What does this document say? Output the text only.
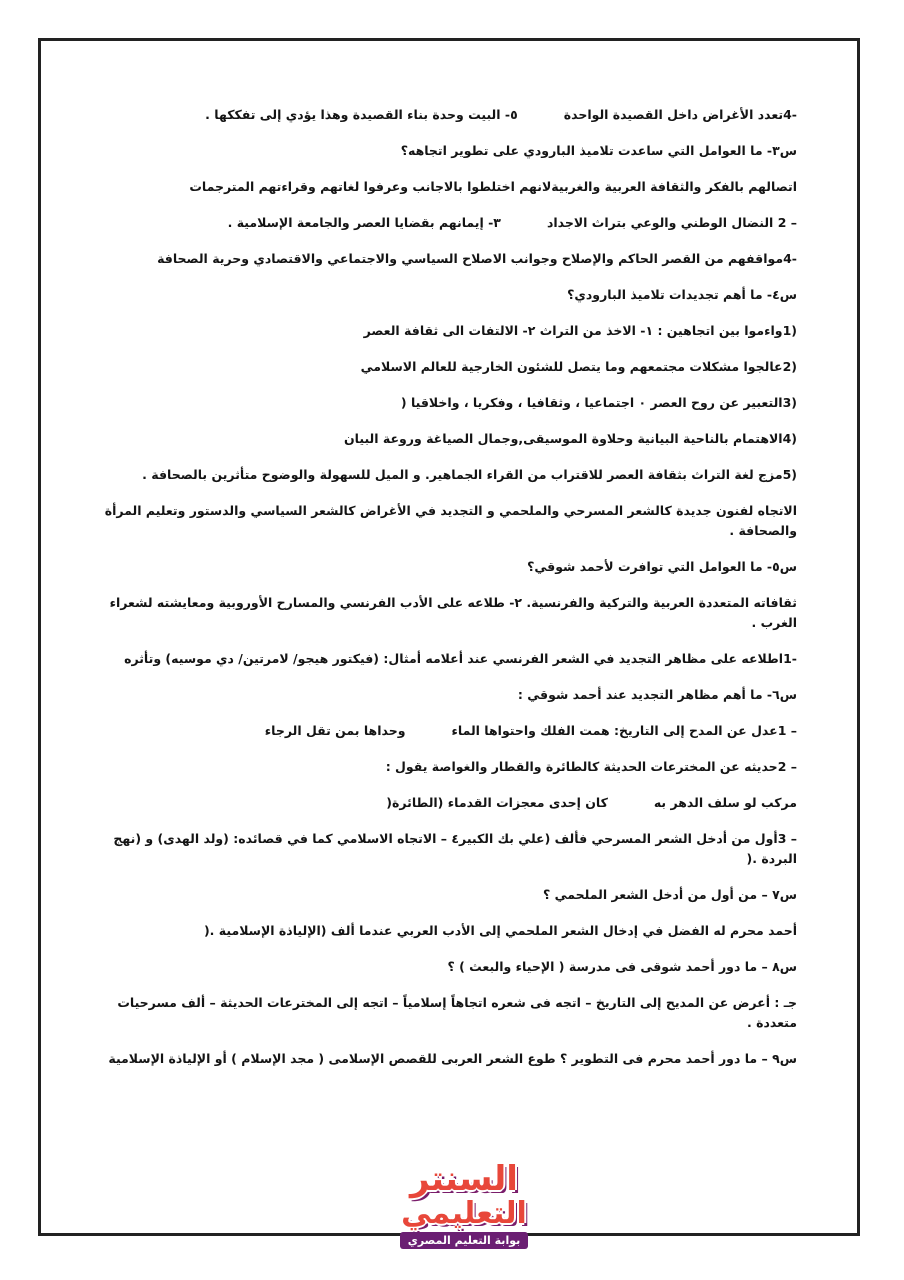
-4تعدد الأغراض داخل القصيدة الواحدة
٥- البيت وحدة بناء القصيدة وهذا يؤدي إلى تفككها .
س٣- ما العوامل التي ساعدت تلاميذ البارودي على تطوير اتجاهه؟
اتصالهم بالفكر والثقافة العربية والغربيةلانهم اختلطوا بالاجانب وعرفوا لغاتهم وقراءتهم المترجمات
– 2 النضال الوطني والوعي بتراث الاجداد
٣- إيمانهم بقضايا العصر والجامعة الإسلامية .
-4مواقفهم من القصر الحاكم والإصلاح وجوانب الاصلاح السياسي والاجتماعي والاقتصادي وحرية الصحافة
س٤- ما أهم تجديدات تلاميذ البارودي؟
(1واءموا بين اتجاهين : ١- الاخذ من التراث ٢- الالتفات الى ثقافة العصر
(2عالجوا مشكلات مجتمعهم وما يتصل للشئون الخارجية للعالم الاسلامي
(3التعبير عن روح العصر ٠ اجتماعيا ، وثقافيا ، وفكريا ، واخلاقيا (
(4الاهتمام بالناحية البيانية وحلاوة الموسيقى,وجمال الصياغة وروعة البيان
(5مزج لغة التراث بثقافة العصر للاقتراب من القراء الجماهير. و الميل للسهولة والوضوح متأثرين بالصحافة .
الاتجاه لفنون جديدة كالشعر المسرحي والملحمي و التجديد في الأغراض كالشعر السياسي والدستور وتعليم المرأة والصحافة .
س٥- ما العوامل التي توافرت لأحمد شوقي؟
ثقافاته المتعددة العربية والتركية والفرنسية. ٢- طلاعه على الأدب الفرنسي والمسارح الأوروبية ومعايشته لشعراء الغرب .
-1اطلاعه على مظاهر التجديد في الشعر الفرنسي عند أعلامه أمثال: (فيكتور هيجو/ لامرتين/ دي موسيه) وتأثره
س٦- ما أهم مظاهر التجديد عند أحمد شوقي :
– 1عدل عن المدح إلى التاريخ: همت الفلك واحتواها الماء
وحداها بمن تقل الرجاء
– 2حديثه عن المخترعات الحديثة كالطائرة والقطار والغواصة يقول :
مركب لو سلف الدهر به
كان إحدى معجزات القدماء (الطائرة(
– 3أول من أدخل الشعر المسرحي فألف (علي بك الكبير٤ – الاتجاه الاسلامي كما في قصائده: (ولد الهدى) و (نهج البردة .(
س٧ – من أول من أدخل الشعر الملحمي ؟
أحمد محرم له الفضل في إدخال الشعر الملحمي إلى الأدب العربي عندما ألف (الإلياذة الإسلامية .(
س٨ – ما دور أحمد شوقى فى مدرسة ( الإحياء والبعث ) ؟
جـ : أعرض عن المديح إلى التاريخ – اتجه فى شعره اتجاهاً إسلامياً – اتجه إلى المخترعات الحديثة – ألف مسرحيات متعددة .
س٩ – ما دور أحمد محرم فى التطوير ؟ طوع الشعر العربى للقصص الإسلامى ( مجد الإسلام ) أو الإلياذة الإسلامية
السنتر
التعليمي
بوابة التعليم المصري
